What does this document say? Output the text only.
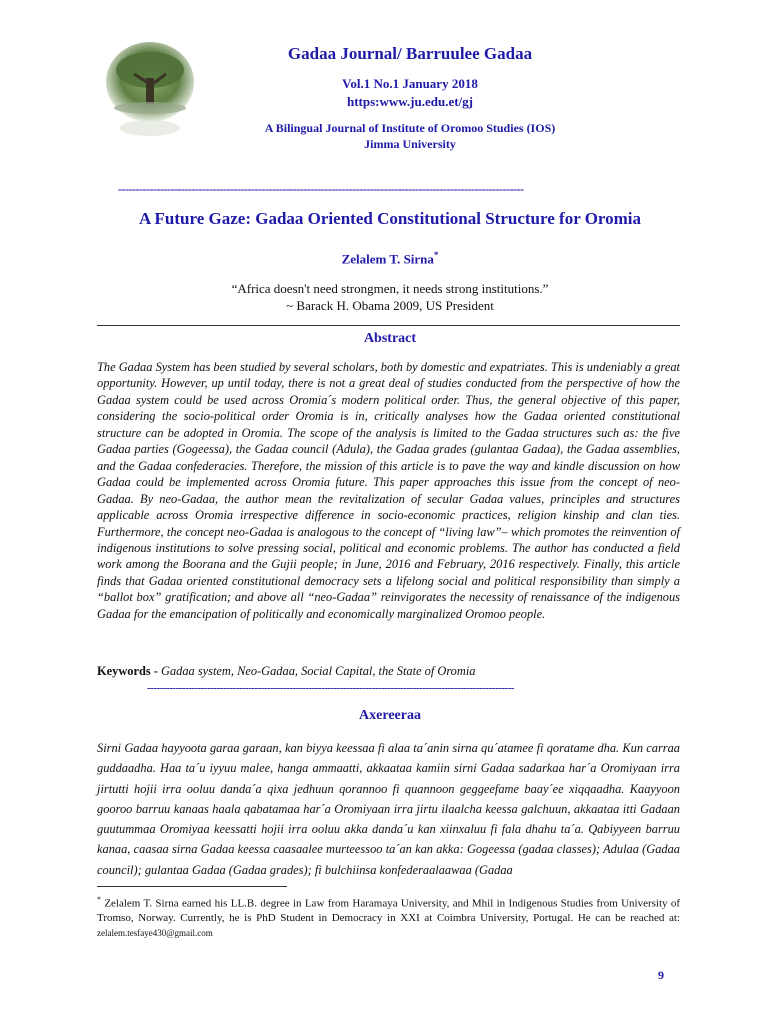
Gadaa Journal/ Barruulee Gadaa
Vol.1 No.1 January 2018
https:www.ju.edu.et/gj
A Bilingual Journal of Institute of Oromoo Studies (IOS)
Jimma University
--------------------------------------------------------------------------------------------------------------------
A Future Gaze: Gadaa Oriented Constitutional Structure for Oromia
Zelalem T. Sirna*
“Africa doesn't need strongmen, it needs strong institutions.”
~ Barack H. Obama 2009, US President
Abstract
The Gadaa System has been studied by several scholars, both by domestic and expatriates. This is undeniably a great opportunity. However, up until today, there is not a great deal of studies conducted from the perspective of how the Gadaa system could be used across Oromia´s modern political order. Thus, the general objective of this paper, considering the socio-political order Oromia is in, critically analyses how the Gadaa oriented constitutional structure can be adopted in Oromia. The scope of the analysis is limited to the Gadaa structures such as: the five Gadaa parties (Gogeessa), the Gadaa council (Adula), the Gadaa grades (gulantaa Gadaa), the Gadaa assemblies, and the Gadaa confederacies. Therefore, the mission of this article is to pave the way and kindle discussion on how Gadaa could be implemented across Oromia future. This paper approaches this issue from the concept of neo-Gadaa. By neo-Gadaa, the author mean the revitalization of secular Gadaa values, principles and structures applicable across Oromia irrespective difference in socio-economic practices, religion kinship and clan ties. Furthermore, the concept neo-Gadaa is analogous to the concept of “living law”– which promotes the reinvention of indigenous institutions to solve pressing social, political and economic problems. The author has conducted a field work among the Boorana and the Gujii people; in June, 2016 and February, 2016 respectively. Finally, this article finds that Gadaa oriented constitutional democracy sets a lifelong social and political responsibility than simply a “ballot box” gratification; and above all “neo-Gadaa” reinvigorates the necessity of renaissance of the indigenous Gadaa for the emancipation of politically and economically marginalized Oromoo people.
Keywords - Gadaa system, Neo-Gadaa, Social Capital, the State of Oromia
--------------------------------------------------------------------------------------------------------------------
Axereeraa
Sirni Gadaa hayyoota garaa garaan, kan biyya keessaa fi alaa ta´anin sirna qu´atamee fi qoratame dha. Kun carraa guddaadha. Haa ta´u iyyuu malee, hanga ammaatti, akkaataa kamiin sirni Gadaa sadarkaa har´a Oromiyaan irra jirtutti hojii irra ooluu danda´a qixa jedhuun qorannoo fi quannoon geggeefame baay´ee xiqqaadha. Kaayyoon gooroo barruu kanaas haala qabatamaa har´a Oromiyaan irra jirtu ilaalcha keessa galchuun, akkaataa itti Gadaan guutummaa Oromiyaa keessatti hojii irra ooluu akka danda´u kan xiinxaluu fi fala dhahu ta´a. Qabiyyeen barruu kanaa, caasaa sirna Gadaa keessa caasaalee murteessoo ta´an kan akka: Gogeessa (gadaa classes); Adulaa (Gadaa council); gulantaa Gadaa (Gadaa grades); fi bulchiinsa konfederaalaawaa (Gadaa
* Zelalem T. Sirna earned his LL.B. degree in Law from Haramaya University, and Mhil in Indigenous Studies from University of Tromso, Norway. Currently, he is PhD Student in Democracy in XXI at Coimbra University, Portugal. He can be reached at: zelalem.tesfaye430@gmail.com
9
